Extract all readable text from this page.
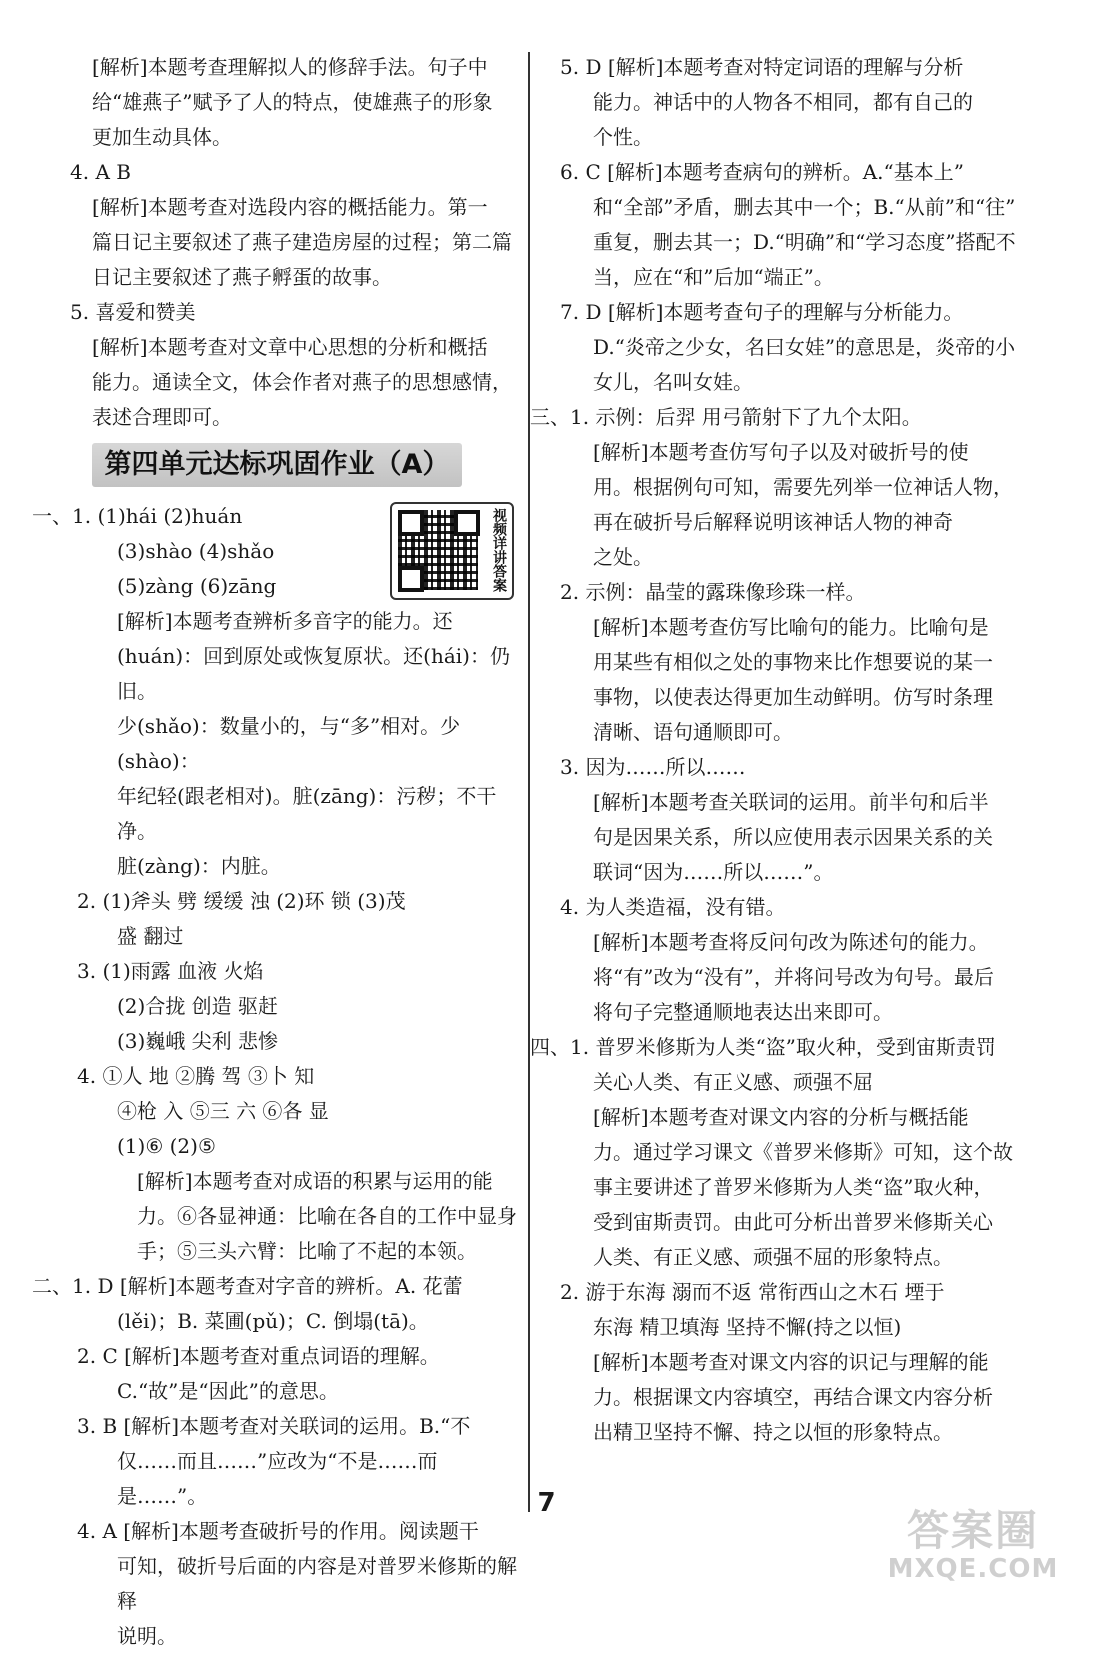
[解析]本题考查理解拟人的修辞手法。句子中

给“雄燕子”赋予了人的特点，使雄燕子的形象

更加生动具体。

4. A B

[解析]本题考查对选段内容的概括能力。第一

篇日记主要叙述了燕子建造房屋的过程；第二篇

日记主要叙述了燕子孵蛋的故事。

5. 喜爱和赞美

[解析]本题考查对文章中心思想的分析和概括

能力。通读全文，体会作者对燕子的思想感情，

表述合理即可。

第四单元达标巩固作业（A）

一、1. (1)hái (2)huán

(3)shào (4)shǎo

(5)zàng (6)zāng

[解析]本题考查辨析多音字的能力。还

(huán)：回到原处或恢复原状。还(hái)：仍旧。

少(shǎo)：数量小的，与“多”相对。少(shào)：

年纪轻(跟老相对)。脏(zāng)：污秽；不干净。

脏(zàng)：内脏。

2. (1)斧头 劈 缓缓 浊 (2)环 锁 (3)茂

盛 翻过

3. (1)雨露 血液 火焰

(2)合拢 创造 驱赶

(3)巍峨 尖利 悲惨

4. ①人 地 ②腾 驾 ③卜 知

④枪 入 ⑤三 六 ⑥各 显

(1)⑥ (2)⑤

[解析]本题考查对成语的积累与运用的能

力。⑥各显神通：比喻在各自的工作中显身

手；⑤三头六臂：比喻了不起的本领。

二、1. D [解析]本题考查对字音的辨析。A. 花蕾

(lěi)；B. 菜圃(pǔ)；C. 倒塌(tā)。

2. C [解析]本题考查对重点词语的理解。

C.“故”是“因此”的意思。

3. B [解析]本题考查对关联词的运用。B.“不

仅……而且……”应改为“不是……而是……”。

4. A [解析]本题考查破折号的作用。阅读题干

可知，破折号后面的内容是对普罗米修斯的解释

说明。

视频详讲答案

5. D [解析]本题考查对特定词语的理解与分析

能力。神话中的人物各不相同，都有自己的

个性。

6. C [解析]本题考查病句的辨析。A.“基本上”

和“全部”矛盾，删去其中一个；B.“从前”和“往”

重复，删去其一；D.“明确”和“学习态度”搭配不

当，应在“和”后加“端正”。

7. D [解析]本题考查句子的理解与分析能力。

D.“炎帝之少女，名曰女娃”的意思是，炎帝的小

女儿，名叫女娃。

三、1. 示例：后羿 用弓箭射下了九个太阳。

[解析]本题考查仿写句子以及对破折号的使

用。根据例句可知，需要先列举一位神话人物，

再在破折号后解释说明该神话人物的神奇

之处。

2. 示例：晶莹的露珠像珍珠一样。

[解析]本题考查仿写比喻句的能力。比喻句是

用某些有相似之处的事物来比作想要说的某一

事物，以使表达得更加生动鲜明。仿写时条理

清晰、语句通顺即可。

3. 因为……所以……

[解析]本题考查关联词的运用。前半句和后半

句是因果关系，所以应使用表示因果关系的关

联词“因为……所以……”。

4. 为人类造福，没有错。

[解析]本题考查将反问句改为陈述句的能力。

将“有”改为“没有”，并将问号改为句号。最后

将句子完整通顺地表达出来即可。

四、1. 普罗米修斯为人类“盗”取火种，受到宙斯责罚

关心人类、有正义感、顽强不屈

[解析]本题考查对课文内容的分析与概括能

力。通过学习课文《普罗米修斯》可知，这个故

事主要讲述了普罗米修斯为人类“盗”取火种，

受到宙斯责罚。由此可分析出普罗米修斯关心

人类、有正义感、顽强不屈的形象特点。

2. 游于东海 溺而不返 常衔西山之木石 堙于

东海 精卫填海 坚持不懈(持之以恒)

[解析]本题考查对课文内容的识记与理解的能

力。根据课文内容填空，再结合课文内容分析

出精卫坚持不懈、持之以恒的形象特点。

7
答案圈
MXQE.COM
